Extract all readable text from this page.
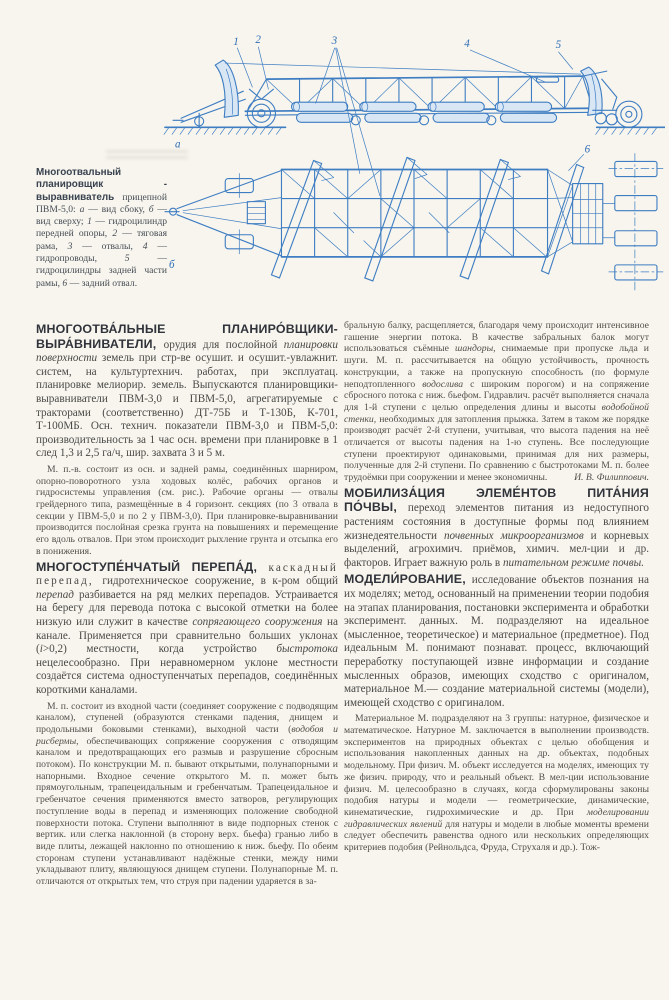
1 2	3	4	5
а	6
б
Многоотвальный планировщик - выравниватель прицепной ПВМ-5,0: а — вид сбоку, б — вид сверху; 1 — гидроцилиндр передней опоры, 2 — тяговая рама, 3 — отвалы, 4 — гидропроводы, 5 — гидроцилиндры задней части рамы, 6 — задний отвал.

МНОГООТВА́ЛЬНЫЕ ПЛАНИРО́ВЩИКИ-ВЫРА́ВНИВАТЕЛИ, орудия для послойной планировки поверхности земель при стр-ве осушит. и осушит.-увлажнит. систем, на культуртехнич. работах, при эксплуатац. планировке мелиорир. земель. Выпускаются планировщики-выравниватели ПВМ-3,0 и ПВМ-5,0, агрегатируемые с тракторами (соответственно) ДТ-75Б и Т-130Б, К-701, Т-100МБ. Осн. технич. показатели ПВМ-3,0 и ПВМ-5,0: производительность за 1 час осн. времени при планировке в 1 след 1,3 и 2,5 га/ч, шир. захвата 3 и 5 м.

М. п.-в. состоит из осн. и задней рамы, соединённых шарниром, опорно-поворотного узла ходовых колёс, рабочих органов и гидросистемы управления (см. рис.). Рабочие органы — отвалы грейдерного типа, размещённые в 4 горизонт. секциях (по 3 отвала в секции у ПВМ-5,0 и по 2 у ПВМ-3,0). При планировке-выравнивании производится послойная срезка грунта на повышениях и перемещение его вдоль отвалов. При этом происходит рыхление грунта и отсыпка его в понижения.

МНОГОСТУПЕ́НЧАТЫЙ ПЕРЕПА́Д, каскадный перепад, гидротехническое сооружение, в к-ром общий перепад разбивается на ряд мелких перепадов. Устраивается на берегу для перевода потока с высокой отметки на более низкую или служит в качестве сопрягающего сооружения на канале. Применяется при сравнительно больших уклонах (i>0,2) местности, когда устройство быстротока нецелесообразно. При неравномерном уклоне местности создаётся система одноступенчатых перепадов, соединённых короткими каналами.

М. п. состоит из входной части (соединяет сооружение с подводящим каналом), ступеней (образуются стенками падения, днищем и продольными боковыми стенками), выходной части (водобоя и рисбермы, обеспечивающих сопряжение сооружения с отводящим каналом и предотвращающих его размыв и разрушение сбросным потоком). По конструкции М. п. бывают открытыми, полунапорными и напорными. Входное сечение открытого М. п. может быть прямоугольным, трапецеидальным и гребенчатым. Трапецеидальное и гребенчатое сечения применяются вместо затворов, регулирующих поступление воды в перепад и изменяющих положение свободной поверхности потока. Ступени выполняют в виде подпорных стенок с вертик. или слегка наклонной (в сторону верх. бьефа) гранью либо в виде плиты, лежащей наклонно по отношению к ниж. бьефу. По обеим сторонам ступени устанавливают надёжные стенки, между ними укладывают плиту, являющуюся днищем ступени. Полунапорные М. п. отличаются от открытых тем, что струя при падении ударяется в за-

бральную балку, расщепляется, благодаря чему происходит интенсивное гашение энергии потока. В качестве забральных балок могут использоваться съёмные шандоры, снимаемые при пропуске льда и шуги. М. п. рассчитывается на общую устойчивость, прочность конструкции, а также на пропускную способность (по формуле неподтопленного водослива с широким порогом) и на сопряжение сбросного потока с ниж. бьефом. Гидравлич. расчёт выполняется сначала для 1-й ступени с целью определения длины и высоты водобойной стенки, необходимых для затопления прыжка. Затем в таком же порядке производят расчёт 2-й ступени, учитывая, что высота падения на неё отличается от высоты падения на 1-ю ступень. Все последующие ступени проектируют одинаковыми, принимая для них размеры, полученные для 2-й ступени. По сравнению с быстротоками М. п. более трудоёмки при сооружении и менее экономичны.	И. В. Филиппович.

МОБИЛИЗА́ЦИЯ ЭЛЕМЕ́НТОВ ПИТА́НИЯ ПО́ЧВЫ, переход элементов питания из недоступного растениям состояния в доступные формы под влиянием жизнедеятельности почвенных микроорганизмов и корневых выделений, агрохимич. приёмов, химич. мел-ции и др. факторов. Играет важную роль в питательном режиме почвы.

МОДЕЛИ́РОВАНИЕ, исследование объектов познания на их моделях; метод, основанный на применении теории подобия на этапах планирования, постановки эксперимента и обработки эксперимент. данных. М. подразделяют на идеальное (мысленное, теоретическое) и материальное (предметное). Под идеальным М. понимают познават. процесс, включающий переработку поступающей извне информации и создание мысленных образов, имеющих сходство с оригиналом, материальное М.— создание материальной системы (модели), имеющей сходство с оригиналом.

Материальное М. подразделяют на 3 группы: натурное, физическое и математическое. Натурное М. заключается в выполнении производств. экспериментов на природных объектах с целью обобщения и использования накопленных данных на др. объектах, подобных модельному. При физич. М. объект исследуется на моделях, имеющих ту же физич. природу, что и реальный объект. В мел-ции использование физич. М. целесообразно в случаях, когда сформулированы законы подобия натуры и модели — геометрические, динамические, кинематические, гидрохимические и др. При моделировании гидравлических явлений для натуры и модели в любые моменты времени следует обеспечить равенства одного или нескольких определяющих критериев подобия (Рейнольдса, Фруда, Струхаля и др.). Тож-
